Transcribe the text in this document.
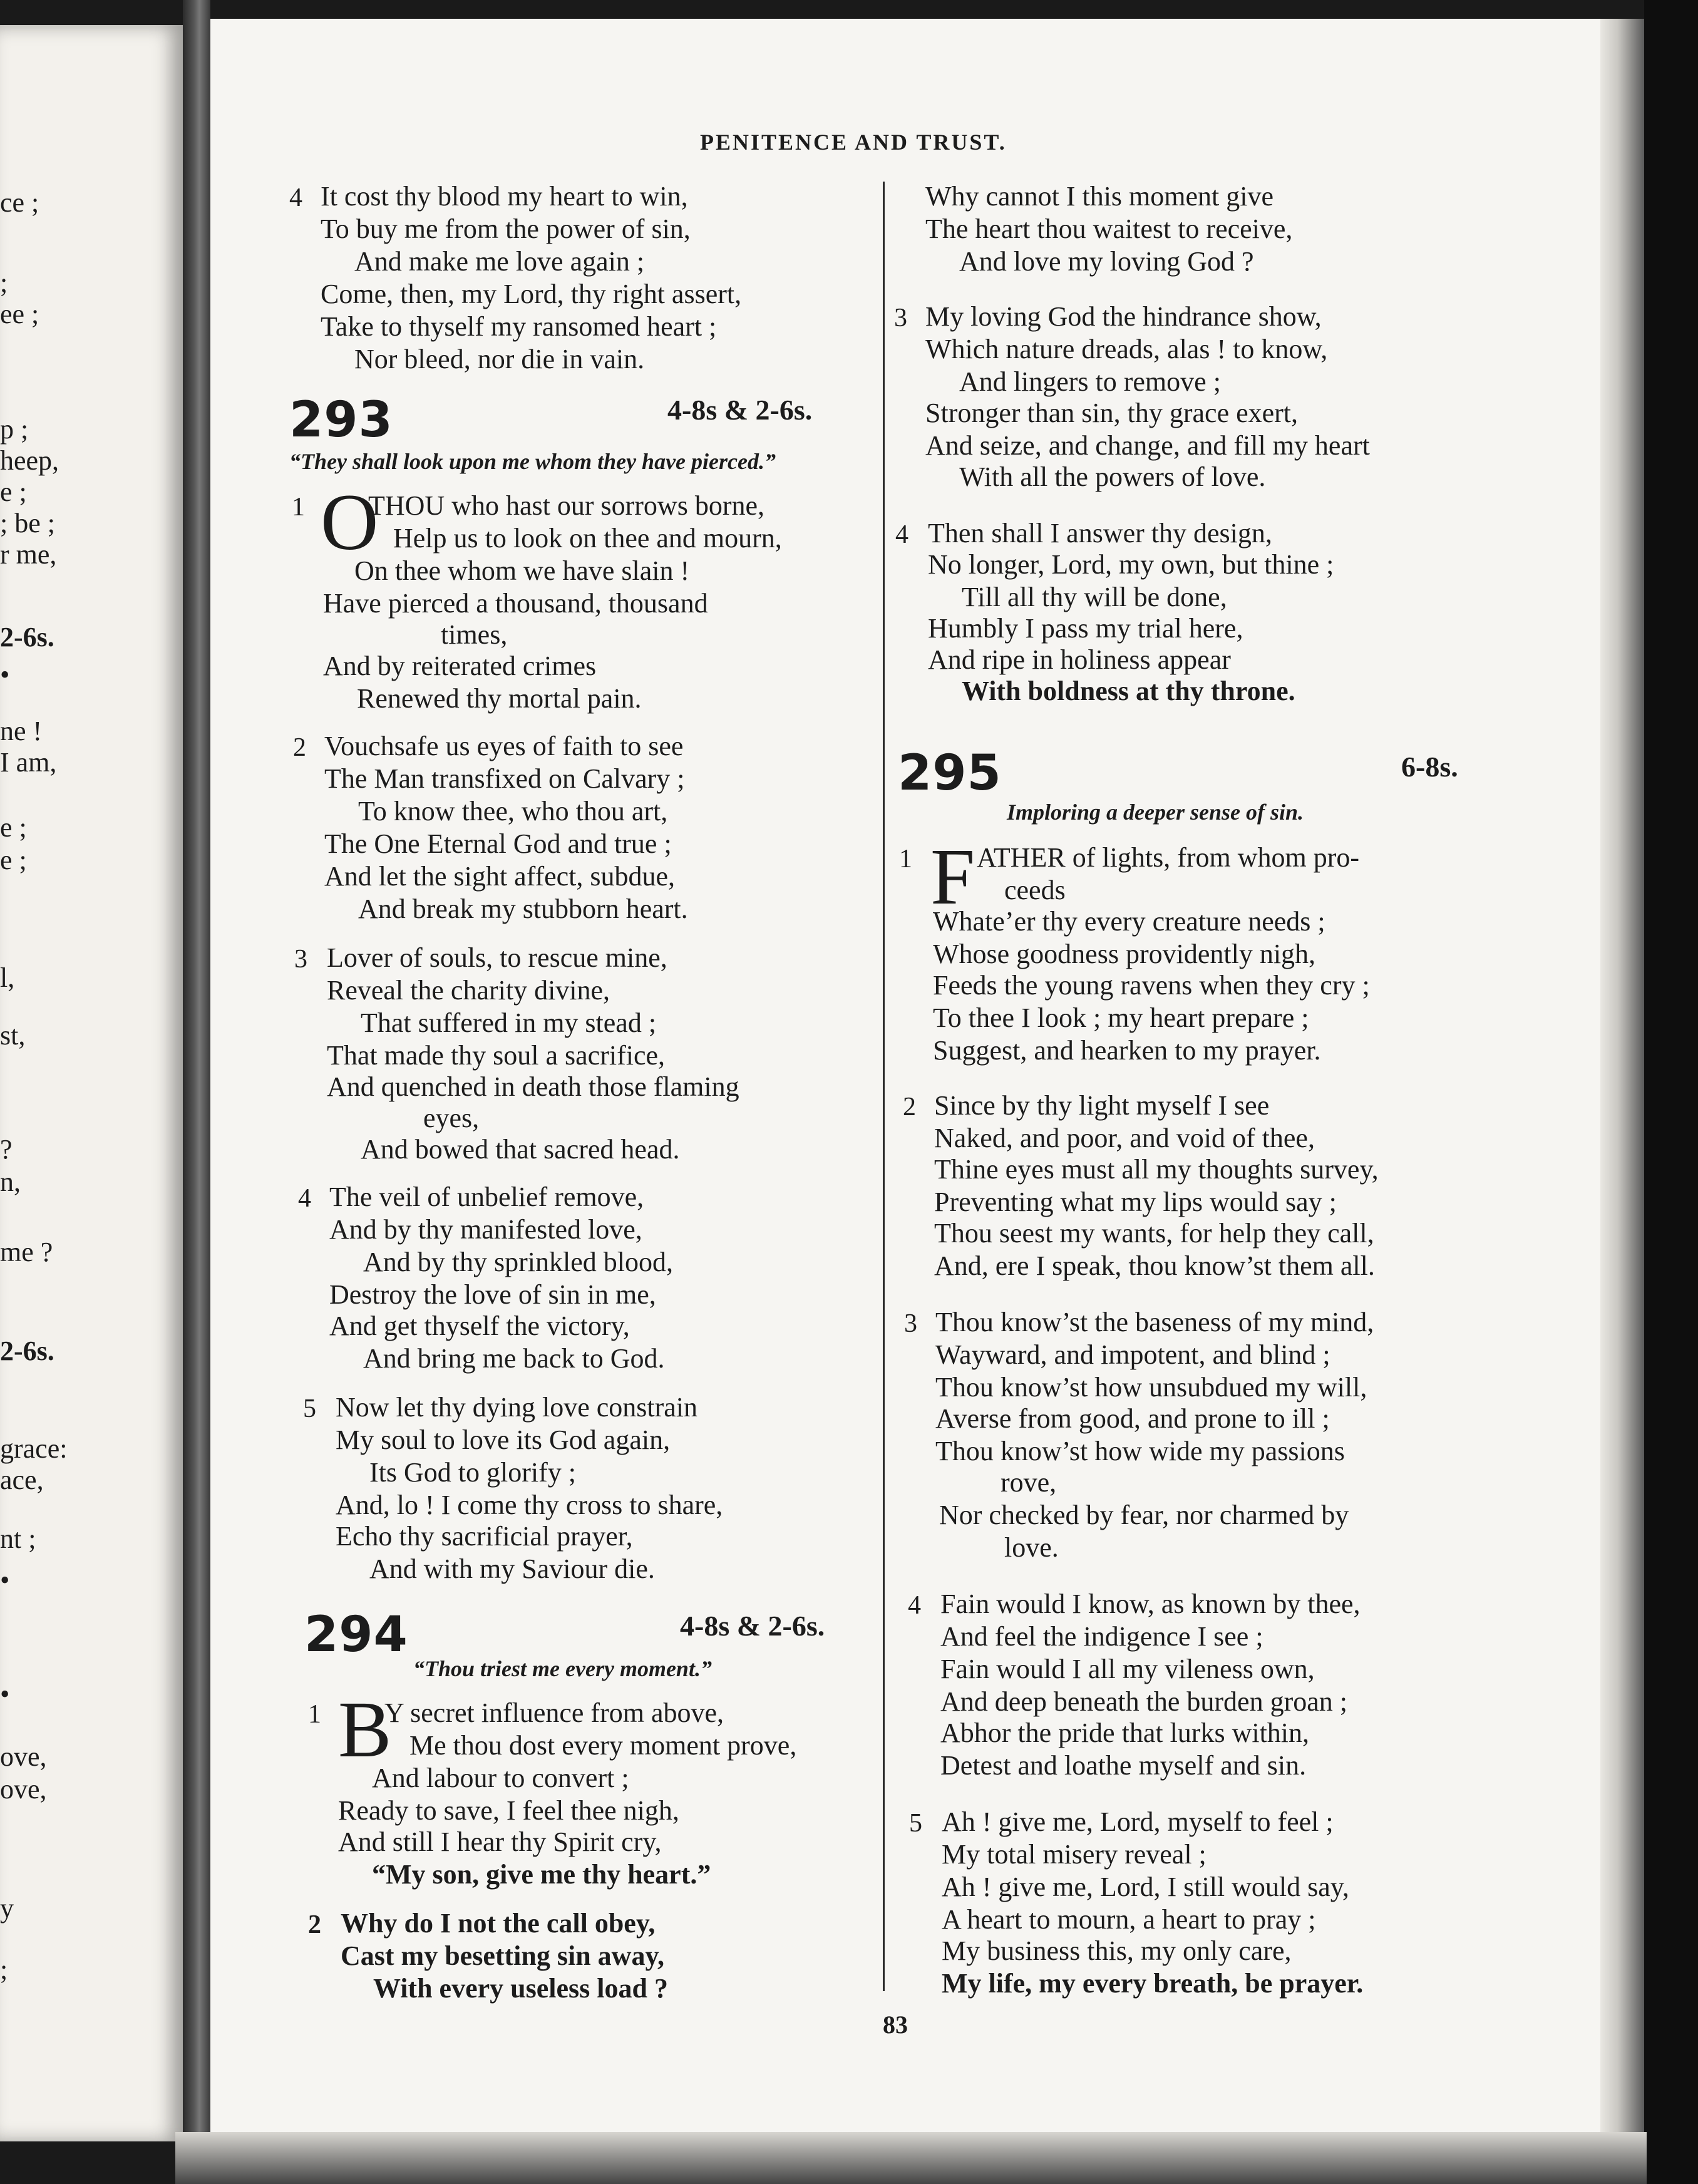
ce ;
;
ee ;
p ;
heep,
e ;
; be ;
r me,
2-6s.
•
ne !
I am,
e ;
e ;
l,
st,
?
n,
me ?
2-6s.
grace:
ace,
nt ;
•
•
ove,
ove,
y
;
PENITENCE AND TRUST.
83
4 It cost thy blood my heart to win,
To buy me from the power of sin,
And make me love again ;
Come, then, my Lord, thy right assert,
Take to thyself my ransomed heart ;
Nor bleed, nor die in vain.
293	4-8s & 2-6s.
“They shall look upon me whom they have pierced.”
1 O
THOU who hast our sorrows borne,
Help us to look on thee and mourn,
On thee whom we have slain !
Have pierced a thousand, thousand
times,
And by reiterated crimes
Renewed thy mortal pain.
2 Vouchsafe us eyes of faith to see
The Man transfixed on Calvary ;
To know thee, who thou art,
The One Eternal God and true ;
And let the sight affect, subdue,
And break my stubborn heart.
3 Lover of souls, to rescue mine,
Reveal the charity divine,
That suffered in my stead ;
That made thy soul a sacrifice,
And quenched in death those flaming
eyes,
And bowed that sacred head.
4 The veil of unbelief remove,
And by thy manifested love,
And by thy sprinkled blood,
Destroy the love of sin in me,
And get thyself the victory,
And bring me back to God.
5 Now let thy dying love constrain
My soul to love its God again,
Its God to glorify ;
And, lo ! I come thy cross to share,
Echo thy sacrificial prayer,
And with my Saviour die.
294	4-8s & 2-6s.
“Thou triest me every moment.”
1 B
Y secret influence from above,
Me thou dost every moment prove,
And labour to convert ;
Ready to save, I feel thee nigh,
And still I hear thy Spirit cry,
“My son, give me thy heart.”
2 Why do I not the call obey,
Cast my besetting sin away,
With every useless load ?
Why cannot I this moment give
The heart thou waitest to receive,
And love my loving God ?
3 My loving God the hindrance show,
Which nature dreads, alas ! to know,
And lingers to remove ;
Stronger than sin, thy grace exert,
And seize, and change, and fill my heart
With all the powers of love.
4 Then shall I answer thy design,
No longer, Lord, my own, but thine ;
Till all thy will be done,
Humbly I pass my trial here,
And ripe in holiness appear
With boldness at thy throne.
295	6-8s.
Imploring a deeper sense of sin.
1 F ATHER of lights, from whom pro-
ceeds
Whate’er thy every creature needs ;
Whose goodness providently nigh,
Feeds the young ravens when they cry ;
To thee I look ; my heart prepare ;
Suggest, and hearken to my prayer.
2 Since by thy light myself I see
Naked, and poor, and void of thee,
Thine eyes must all my thoughts survey,
Preventing what my lips would say ;
Thou seest my wants, for help they call,
And, ere I speak, thou know’st them all.
3 Thou know’st the baseness of my mind,
Wayward, and impotent, and blind ;
Thou know’st how unsubdued my will,
Averse from good, and prone to ill ;
Thou know’st how wide my passions
rove,
Nor checked by fear, nor charmed by
love.
4 Fain would I know, as known by thee,
And feel the indigence I see ;
Fain would I all my vileness own,
And deep beneath the burden groan ;
Abhor the pride that lurks within,
Detest and loathe myself and sin.
5 Ah ! give me, Lord, myself to feel ;
My total misery reveal ;
Ah ! give me, Lord, I still would say,
A heart to mourn, a heart to pray ;
My business this, my only care,
My life, my every breath, be prayer.
